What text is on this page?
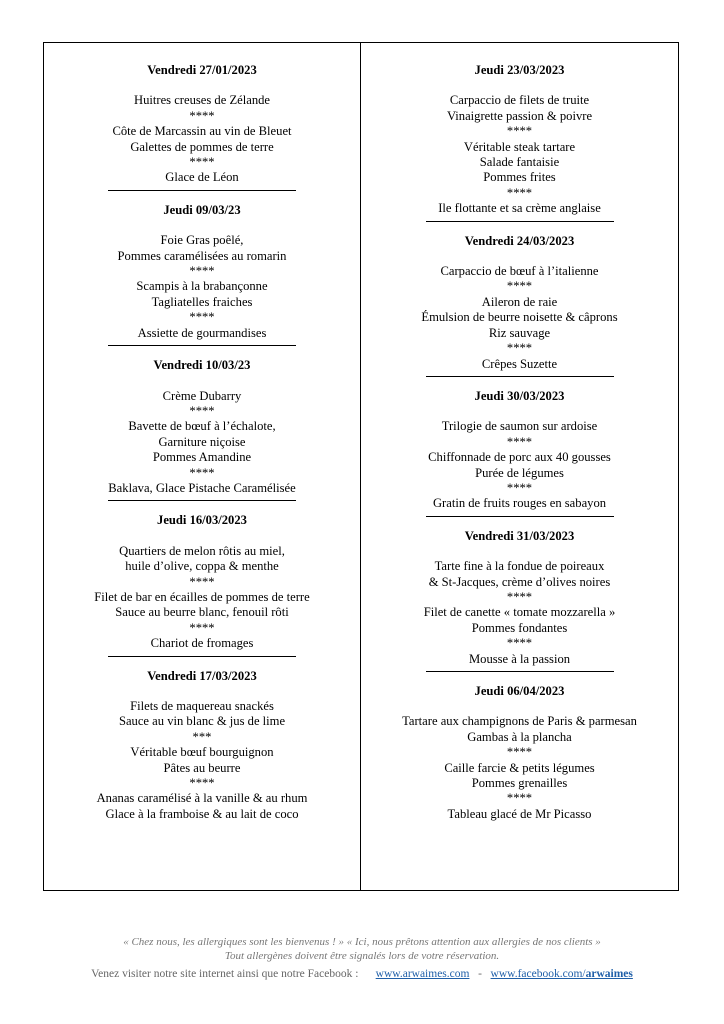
Vendredi 27/01/2023
Huitres creuses de Zélande
****
Côte de Marcassin au vin de Bleuet
Galettes de pommes de terre
****
Glace de Léon
Jeudi 09/03/23
Foie Gras poêlé,
Pommes caramélisées au romarin
****
Scampis à la brabançonne
Tagliatelles fraiches
****
Assiette de gourmandises
Vendredi 10/03/23
Crème Dubarry
****
Bavette de bœuf à l’échalote,
Garniture niçoise
Pommes Amandine
****
Baklava, Glace Pistache Caramélisée
Jeudi 16/03/2023
Quartiers de melon rôtis au miel,
huile d’olive, coppa & menthe
****
Filet de bar en écailles de pommes de terre
Sauce au beurre blanc, fenouil rôti
****
Chariot de fromages
Vendredi 17/03/2023
Filets de maquereau snackés
Sauce au vin blanc & jus de lime
***
Véritable bœuf bourguignon
Pâtes au beurre
****
Ananas caramélisé à la vanille & au rhum
Glace à la framboise & au lait de coco
Jeudi 23/03/2023
Carpaccio de filets de truite
Vinaigrette passion & poivre
****
Véritable steak tartare
Salade fantaisie
Pommes frites
****
Ile flottante et sa crème anglaise
Vendredi 24/03/2023
Carpaccio de bœuf à l’italienne
****
Aileron de raie
Émulsion de beurre noisette & câprons
Riz sauvage
****
Crêpes Suzette
Jeudi 30/03/2023
Trilogie de saumon sur ardoise
****
Chiffonnade de porc aux 40 gousses
Purée de légumes
****
Gratin de fruits rouges en sabayon
Vendredi 31/03/2023
Tarte fine à la fondue de poireaux
& St-Jacques, crème d’olives noires
****
Filet de canette « tomate mozzarella »
Pommes fondantes
****
Mousse à la passion
Jeudi 06/04/2023
Tartare aux champignons de Paris & parmesan
Gambas à la plancha
****
Caille farcie & petits légumes
Pommes grenailles
****
Tableau glacé de Mr Picasso
« Chez nous, les allergiques sont les bienvenus ! » « Ici, nous prêtons attention aux allergies de nos clients »
Tout allergènes doivent être signalés lors de votre réservation.
Venez visiter notre site internet ainsi que notre Facebook : www.arwaimes.com - www.facebook.com/arwaimes
